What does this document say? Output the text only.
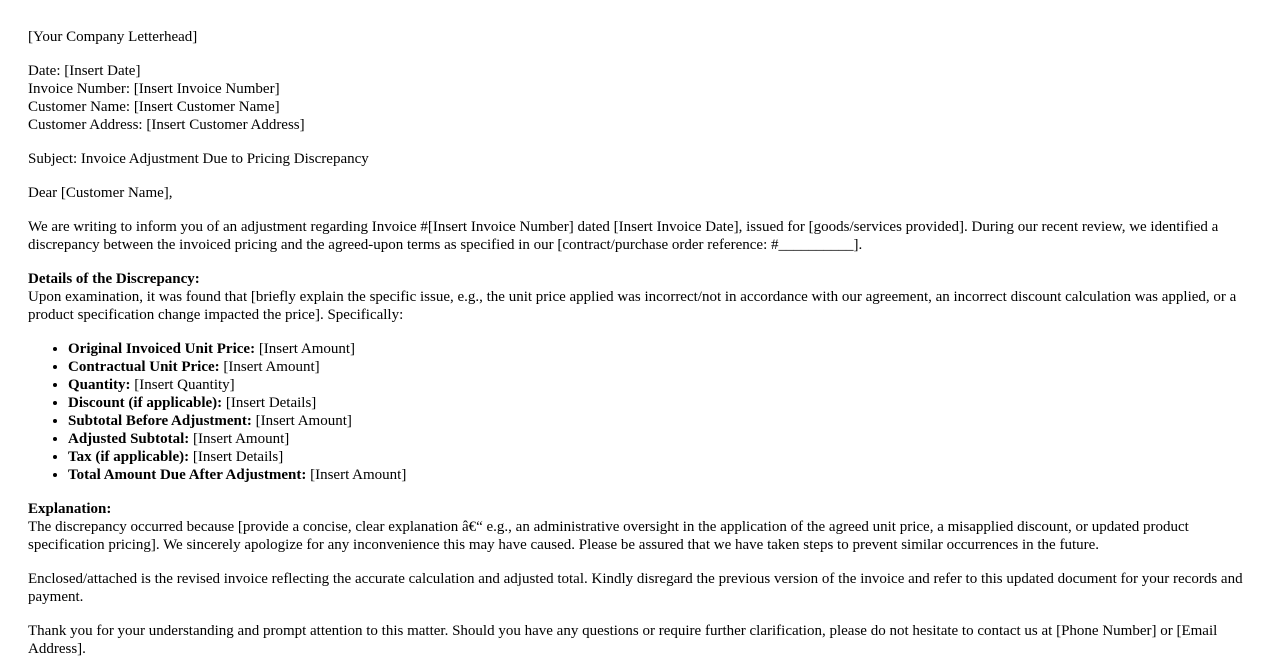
[Your Company Letterhead]

Date: [Insert Date]
Invoice Number: [Insert Invoice Number]
Customer Name: [Insert Customer Name]
Customer Address: [Insert Customer Address]

Subject: Invoice Adjustment Due to Pricing Discrepancy

Dear [Customer Name],

We are writing to inform you of an adjustment regarding Invoice #[Insert Invoice Number] dated [Insert Invoice Date], issued for [goods/services provided]. During our recent review, we identified a discrepancy between the invoiced pricing and the agreed-upon terms as specified in our [contract/purchase order reference: #__________].

Details of the Discrepancy:

Upon examination, it was found that [briefly explain the specific issue, e.g., the unit price applied was incorrect/not in accordance with our agreement, an incorrect discount calculation was applied, or a product specification change impacted the price]. Specifically:

• Original Invoiced Unit Price: [Insert Amount]
• Contractual Unit Price: [Insert Amount]
• Quantity: [Insert Quantity]
• Discount (if applicable): [Insert Details]
• Subtotal Before Adjustment: [Insert Amount]
• Adjusted Subtotal: [Insert Amount]
• Tax (if applicable): [Insert Details]
• Total Amount Due After Adjustment: [Insert Amount]
Explanation:

The discrepancy occurred because [provide a concise, clear explanation â€“ e.g., an administrative oversight in the application of the agreed unit price, a misapplied discount, or updated product specification pricing]. We sincerely apologize for any inconvenience this may have caused. Please be assured that we have taken steps to prevent similar occurrences in the future.

Enclosed/attached is the revised invoice reflecting the accurate calculation and adjusted total. Kindly disregard the previous version of the invoice and refer to this updated document for your records and payment.

Thank you for your understanding and prompt attention to this matter. Should you have any questions or require further clarification, please do not hesitate to contact us at [Phone Number] or [Email Address].
